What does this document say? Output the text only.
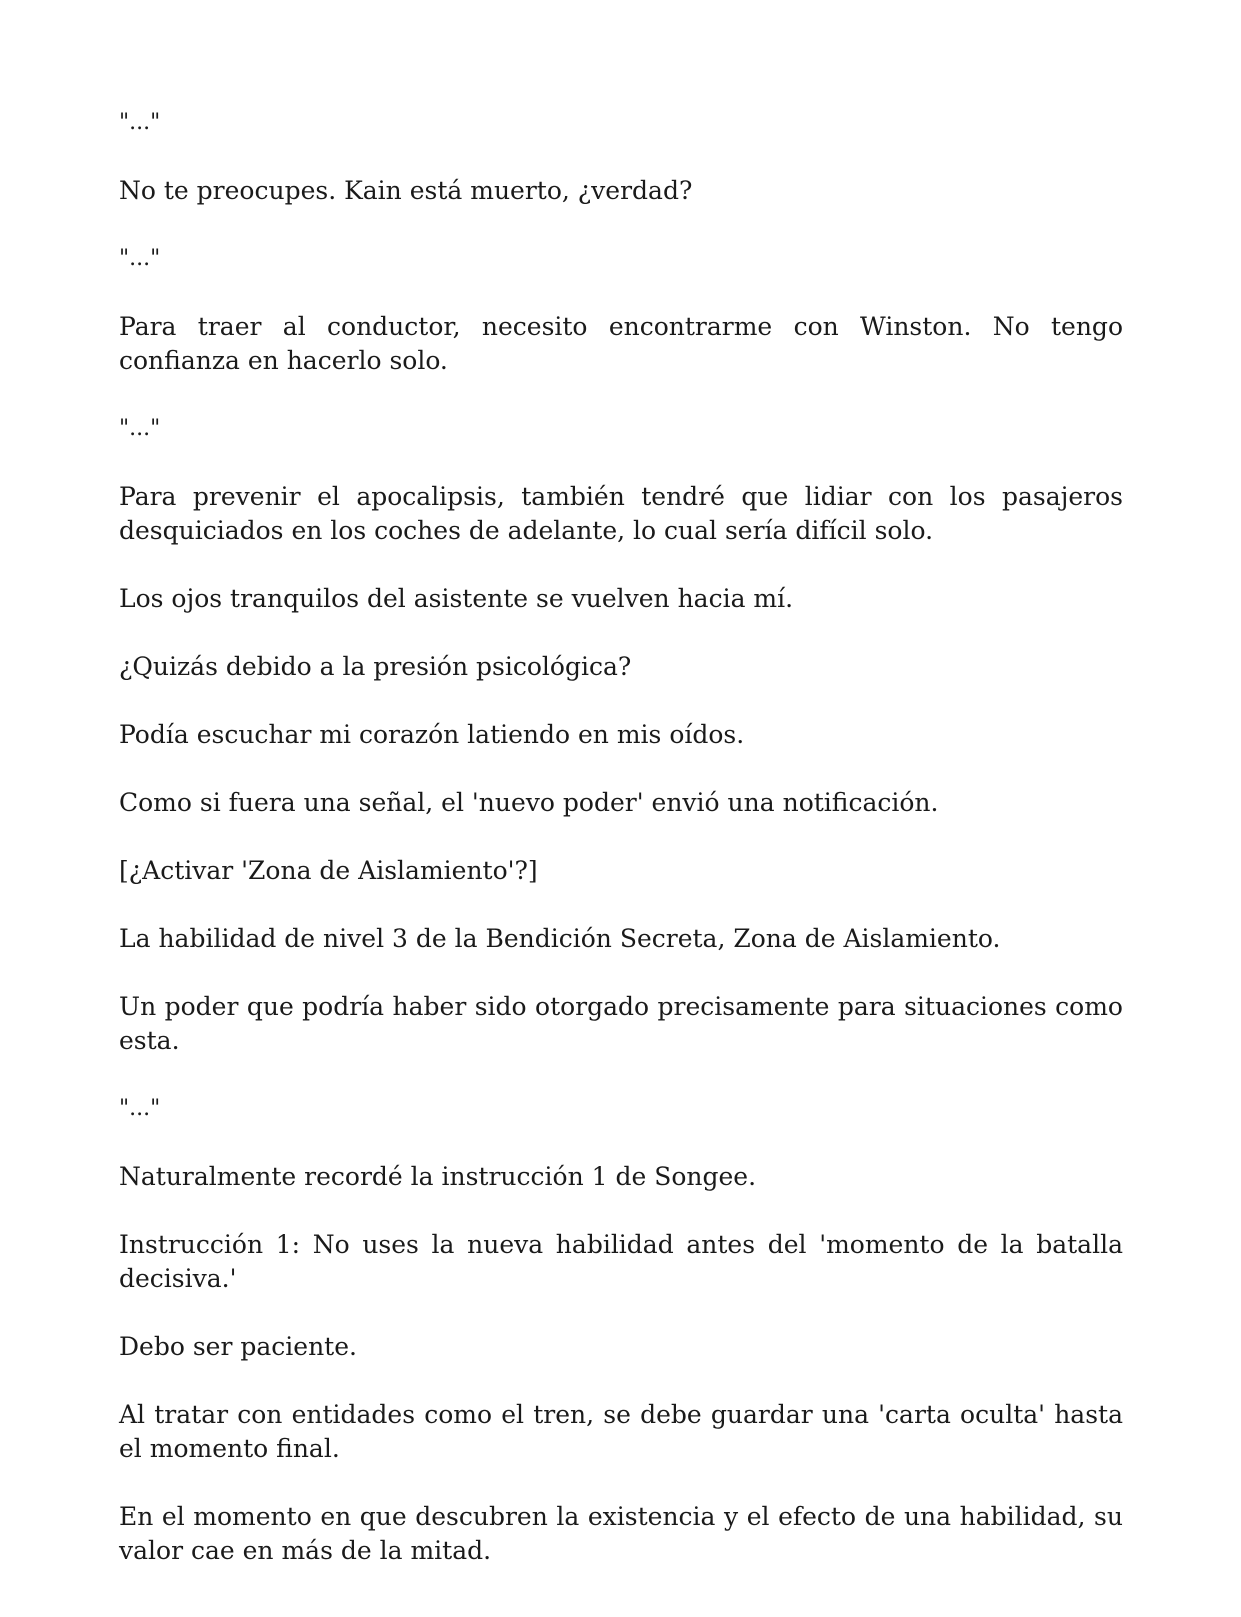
"..."

No te preocupes. Kain está muerto, ¿verdad?

"..."

Para traer al conductor, necesito encontrarme con Winston. No tengo confianza en hacerlo solo.

"..."

Para prevenir el apocalipsis, también tendré que lidiar con los pasajeros desquiciados en los coches de adelante, lo cual sería difícil solo.

Los ojos tranquilos del asistente se vuelven hacia mí.

¿Quizás debido a la presión psicológica?

Podía escuchar mi corazón latiendo en mis oídos.

Como si fuera una señal, el 'nuevo poder' envió una notificación.

[¿Activar 'Zona de Aislamiento'?]

La habilidad de nivel 3 de la Bendición Secreta, Zona de Aislamiento.

Un poder que podría haber sido otorgado precisamente para situaciones como esta.

"..."

Naturalmente recordé la instrucción 1 de Songee.

Instrucción 1: No uses la nueva habilidad antes del 'momento de la batalla decisiva.'

Debo ser paciente.

Al tratar con entidades como el tren, se debe guardar una 'carta oculta' hasta el momento final.

En el momento en que descubren la existencia y el efecto de una habilidad, su valor cae en más de la mitad.
